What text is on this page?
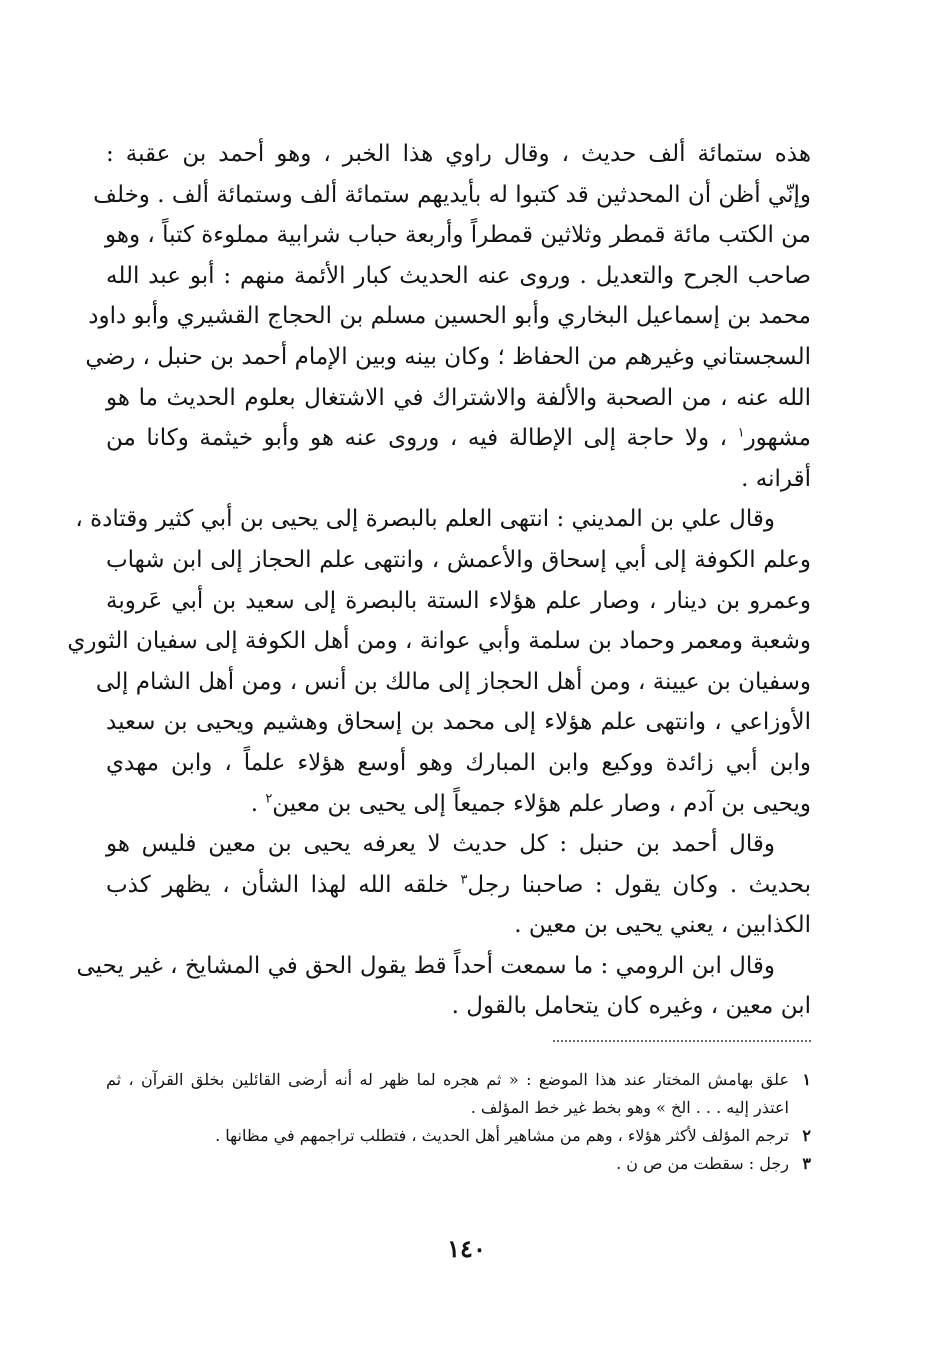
هذه ستمائة ألف حديث ، وقال راوي هذا الخبر ، وهو أحمد بن عقبة :
وإنّي أظن أن المحدثين قد كتبوا له بأيديهم ستمائة ألف وستمائة ألف . وخلف
من الكتب مائة قمطر وثلاثين قمطراً وأربعة حباب شرابية مملوءة كتباً ، وهو
صاحب الجرح والتعديل . وروى عنه الحديث كبار الأئمة منهم : أبو عبد الله
محمد بن إسماعيل البخاري وأبو الحسين مسلم بن الحجاج القشيري وأبو داود
السجستاني وغيرهم من الحفاظ ؛ وكان بينه وبين الإمام أحمد بن حنبل ، رضي
الله عنه ، من الصحبة والألفة والاشتراك في الاشتغال بعلوم الحديث ما هو
مشهور$^١$ ، ولا حاجة إلى الإطالة فيه ، وروى عنه هو وأبو خيثمة وكانا من
أقرانه .
وقال علي بن المديني : انتهى العلم بالبصرة إلى يحيى بن أبي كثير وقتادة ،
وعلم الكوفة إلى أبي إسحاق والأعمش ، وانتهى علم الحجاز إلى ابن شهاب
وعمرو بن دينار ، وصار علم هؤلاء الستة بالبصرة إلى سعيد بن أبي عَروبة
وشعبة ومعمر وحماد بن سلمة وأبي عوانة ، ومن أهل الكوفة إلى سفيان الثوري
وسفيان بن عيينة ، ومن أهل الحجاز إلى مالك بن أنس ، ومن أهل الشام إلى
الأوزاعي ، وانتهى علم هؤلاء إلى محمد بن إسحاق وهشيم ويحيى بن سعيد
وابن أبي زائدة ووكيع وابن المبارك وهو أوسع هؤلاء علماً ، وابن مهدي
ويحيى بن آدم ، وصار علم هؤلاء جميعاً إلى يحيى بن معين$^٢$ .
وقال أحمد بن حنبل : كل حديث لا يعرفه يحيى بن معين فليس هو
بحديث . وكان يقول : صاحبنا رجل$^٣$ خلقه الله لهذا الشأن ، يظهر كذب
الكذابين ، يعني يحيى بن معين .
وقال ابن الرومي : ما سمعت أحداً قط يقول الحق في المشايخ ، غير يحيى
ابن معين ، وغيره كان يتحامل بالقول .
١علق بهامش المختار عند هذا الموضع : « ثم هجره لما ظهر له أنه أرضى القائلين بخلق القرآن ، ثم
اعتذر إليه . . . الخ » وهو بخط غير خط المؤلف .
٢ترجم المؤلف لأكثر هؤلاء ، وهم من مشاهير أهل الحديث ، فتطلب تراجمهم في مظانها .
٣رجل : سقطت من ص ن .
١٤٠
